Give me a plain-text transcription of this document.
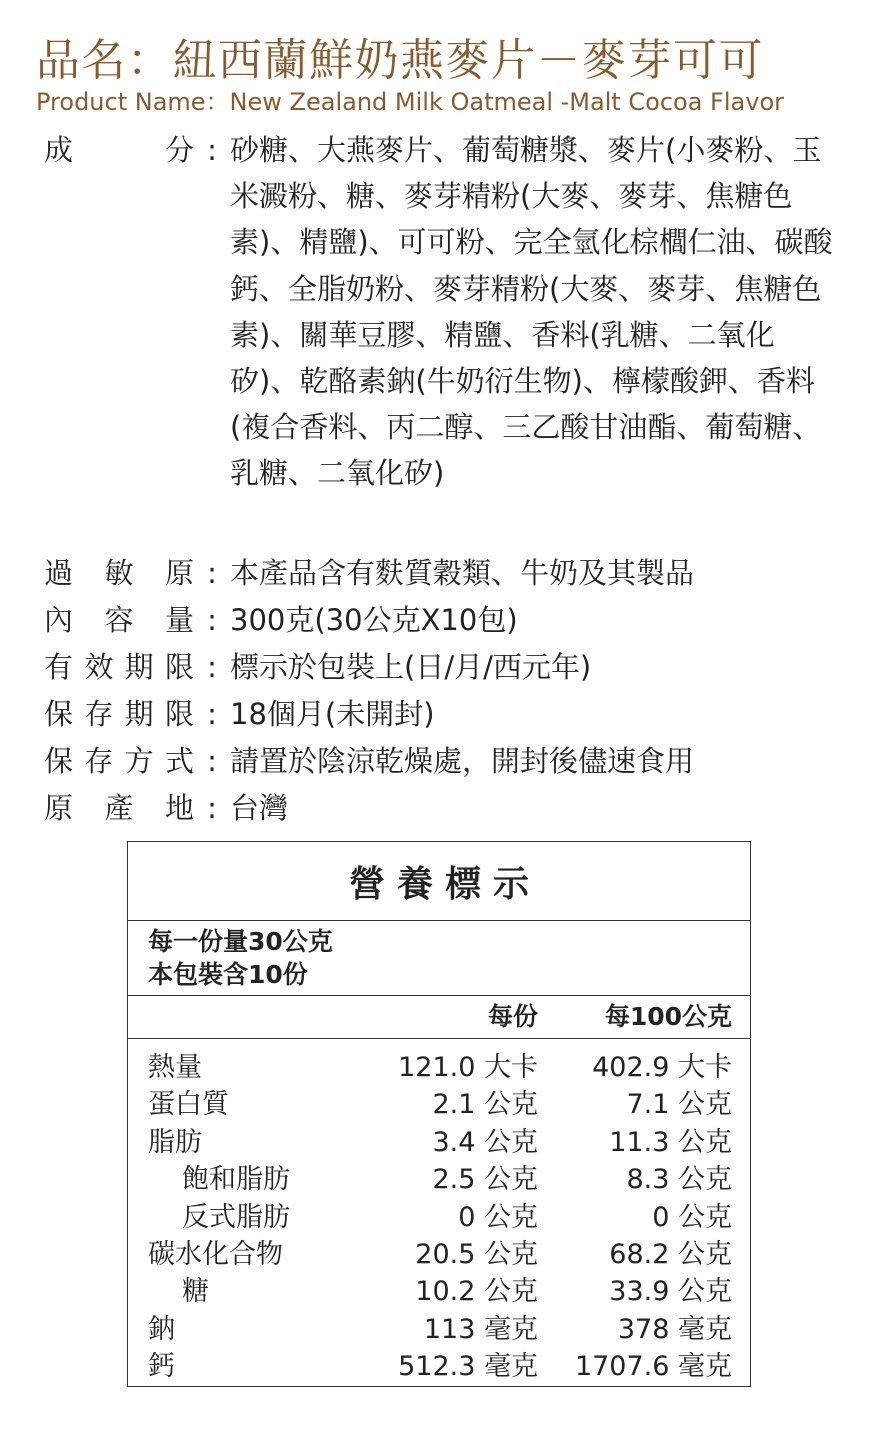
品名：紐西蘭鮮奶燕麥片－麥芽可可
Product Name：New Zealand Milk Oatmeal -Malt Cocoa Flavor
成	分 : 砂糖、大燕麥片、葡萄糖漿、麥片(小麥粉、玉米澱粉、糖、麥芽精粉(大麥、麥芽、焦糖色素)、精鹽)、可可粉、完全氫化棕櫚仁油、碳酸鈣、全脂奶粉、麥芽精粉(大麥、麥芽、焦糖色素)、關華豆膠、精鹽、香料(乳糖、二氧化矽)、乾酪素鈉(牛奶衍生物)、檸檬酸鉀、香料(複合香料、丙二醇、三乙酸甘油酯、葡萄糖、乳糖、二氧化矽)
過 敏 原 : 本產品含有麩質穀類、牛奶及其製品
內 容 量 : 300克(30公克X10包)
有 效 期 限 : 標示於包裝上(日/月/西元年)
保 存 期 限 : 18個月(未開封)
保 存 方 式 : 請置於陰涼乾燥處，開封後儘速食用
原 產 地 : 台灣
營養標示
每一份量30公克
本包裝含10份
每份	每100公克
熱量	121.0 大卡	402.9 大卡
蛋白質	2.1 公克	7.1 公克
脂肪	3.4 公克	11.3 公克
飽和脂肪	2.5 公克	8.3 公克
反式脂肪	0 公克	0 公克
碳水化合物	20.5 公克	68.2 公克
糖	10.2 公克	33.9 公克
鈉	113 毫克	378 毫克
鈣	512.3 毫克	1707.6 毫克
